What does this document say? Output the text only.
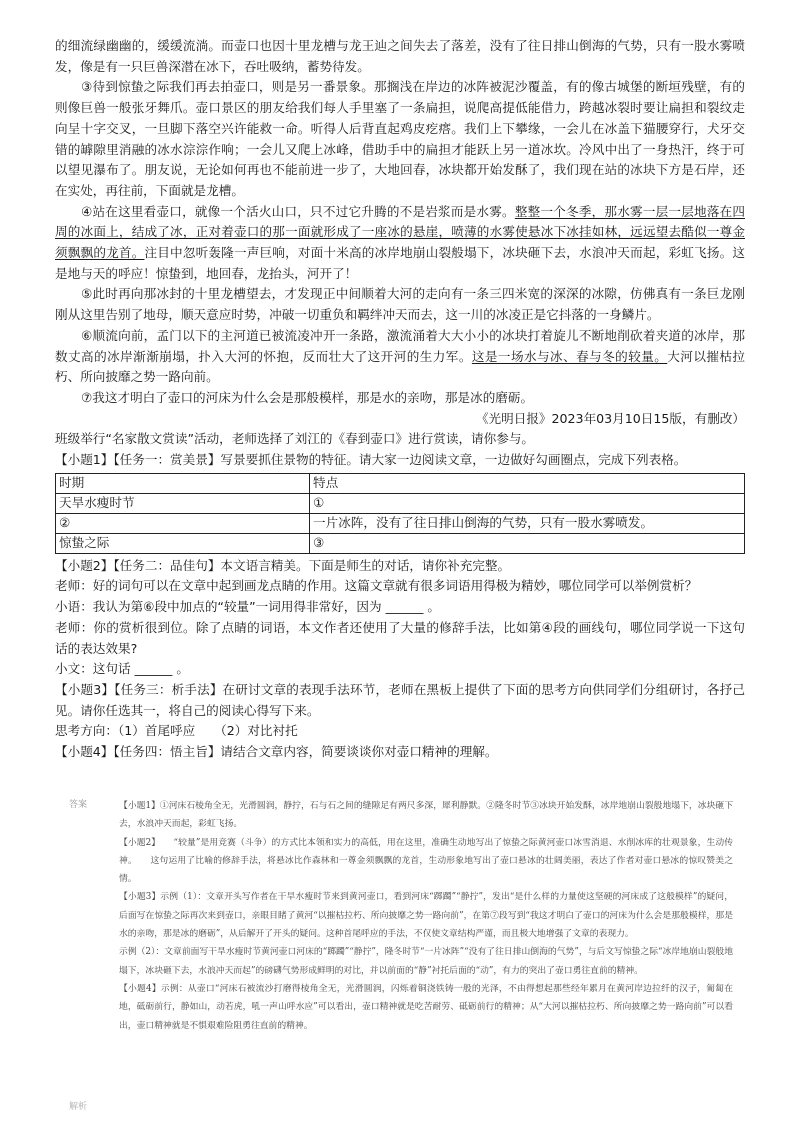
的细流绿幽幽的，缓缓流淌。而壶口也因十里龙槽与龙王辿之间失去了落差，没有了往日排山倒海的气势，只有一股水雾喷发，像是有一只巨兽深潜在冰下，吞吐吸纳，蓄势待发。

③待到惊蛰之际我们再去拍壶口，则是另一番景象。那搁浅在岸边的冰阵被泥沙覆盖，有的像古城堡的断垣残壁，有的则像巨兽一般张牙舞爪。壶口景区的朋友给我们每人手里塞了一条扁担，说爬高提低能借力，跨越冰裂时要让扁担和裂纹走向呈十字交叉，一旦脚下落空兴许能救一命。听得人后背直起鸡皮疙瘩。我们上下攀缘，一会儿在冰盖下猫腰穿行，犬牙交错的罅隙里消融的冰水淙淙作响；一会儿又爬上冰峰，借助手中的扁担才能跃上另一道冰坎。冷风中出了一身热汗，终于可以望见瀑布了。朋友说，无论如何再也不能前进一步了，大地回春，冰块都开始发酥了，我们现在站的冰块下方是石岸，还在实处，再往前，下面就是龙槽。

④站在这里看壶口，就像一个活火山口，只不过它升腾的不是岩浆而是水雾。整整一个冬季，那水雾一层一层地落在四周的冰面上，结成了冰，正对着壶口的那一面就形成了一座冰的悬崖，喷薄的水雾使悬冰下冰挂如林，远远望去酷似一尊金须飘飘的龙首。注目中忽听轰隆一声巨响，对面十米高的冰岸地崩山裂般塌下，冰块砸下去，水浪冲天而起，彩虹飞扬。这是地与天的呼应！惊蛰到，地回春，龙抬头，河开了！

⑤此时再向那冰封的十里龙槽望去，才发现正中间顺着大河的走向有一条三四米宽的深深的冰隙，仿佛真有一条巨龙刚刚从这里告别了地母，顺天意应时势，冲破一切重负和羁绊冲天而去，这一川的冰凌正是它抖落的一身鳞片。

⑥顺流向前，孟门以下的主河道已被流凌冲开一条路，激流涌着大大小小的冰块打着旋儿不断地削砍着夹道的冰岸，那数丈高的冰岸渐渐崩塌，扑入大河的怀抱，反而壮大了这开河的生力军。这是一场水与冰、春与冬的较量。大河以摧枯拉朽、所向披靡之势一路向前。

⑦我这才明白了壶口的河床为什么会是那般模样，那是水的亲吻，那是冰的磨砺。

《光明日报》2023年03月10日15版，有删改）

班级举行“名家散文赏读”活动，老师选择了刘江的《春到壶口》进行赏读，请你参与。

【小题1】【任务一：赏美景】写景要抓住景物的特征。请大家一边阅读文章，一边做好勾画圈点，完成下列表格。

时期	特点
天旱水瘦时节	①
②	一片冰阵，没有了往日排山倒海的气势，只有一股水雾喷发。
惊蛰之际	③

【小题2】【任务二：品佳句】本文语言精美。下面是师生的对话，请你补充完整。

老师：好的词句可以在文章中起到画龙点睛的作用。这篇文章就有很多词语用得极为精妙，哪位同学可以举例赏析？

小语：我认为第⑥段中加点的“较量”一词用得非常好，因为 ______ 。

老师：你的赏析很到位。除了点睛的词语，本文作者还使用了大量的修辞手法，比如第④段的画线句，哪位同学说一下这句话的表达效果?

小文：这句话 ______ 。

【小题3】【任务三：析手法】在研讨文章的表现手法环节，老师在黑板上提供了下面的思考方向供同学们分组研讨，各抒己见。请你任选其一，将自己的阅读心得写下来。

思考方向：（1）首尾呼应　　（2）对比衬托

【小题4】【任务四：悟主旨】请结合文章内容，简要谈谈你对壶口精神的理解。

答案	【小题1】①河床石棱角全无，光滑圆润，静拧，石与石之间的缝隙足有两尺多深，犀利静默。②隆冬时节③冰块开始发酥，冰岸地崩山裂般地塌下，冰块砸下去，水浪冲天而起，彩虹飞扬。

【小题2】　　“较量”是用竞赛（斗争）的方式比本领和实力的高低，用在这里，准确生动地写出了惊蛰之际黄河壶口冰雪消退、水削冰库的壮观景象，生动传神。　　这句运用了比喻的修辞手法，将悬冰比作森林和一尊金须飘飘的龙首，生动形象地写出了壶口悬冰的壮阔美丽，表达了作者对壶口悬冰的惊叹赞美之情。

【小题3】示例（1）：文章开头写作者在干旱水瘦时节来到黄河壶口，看到河床“踯躅”“静拧”，发出“是什么样的力量使这坚硬的河床成了这般模样”的疑问，后面写在惊蛰之际再次来到壶口，亲眼目睹了黄河“以摧枯拉朽、所向披靡之势一路向前”，在第⑦段写到“我这才明白了壶口的河床为什么会是那般模样，那是水的亲吻，那是冰的磨砺”，从后解开了开头的疑问。这种首尾呼应的手法，不仅使文章结构严谨，而且极大地增强了文章的表现力。

示例（2）：文章前面写干旱水瘦时节黄河壶口河床的“踯躅”“静拧”，隆冬时节“一片冰阵”“没有了往日排山倒海的气势”，与后文写惊蛰之际“冰岸地崩山裂般地塌下，冰块砸下去，水浪冲天而起”的磅礴气势形成鲜明的对比，并以前面的“静”衬托后面的“动”，有力的突出了壶口勇往直前的精神。

【小题4】示例：从壶口“河床石被流沙打磨得棱角全无，光滑圆润，闪烁着铜浇铁铸一般的光泽，不由得想起那些经年累月在黄河岸边拉纤的汉子，匍匐在地，砥砺前行，静如山，动若虎，吼一声山呼水应”可以看出，壶口精神就是吃苦耐劳、砥砺前行的精神；从“大河以摧枯拉朽、所向披靡之势一路向前”可以看出，壶口精神就是不惧艰难险阻勇往直前的精神。

解析
